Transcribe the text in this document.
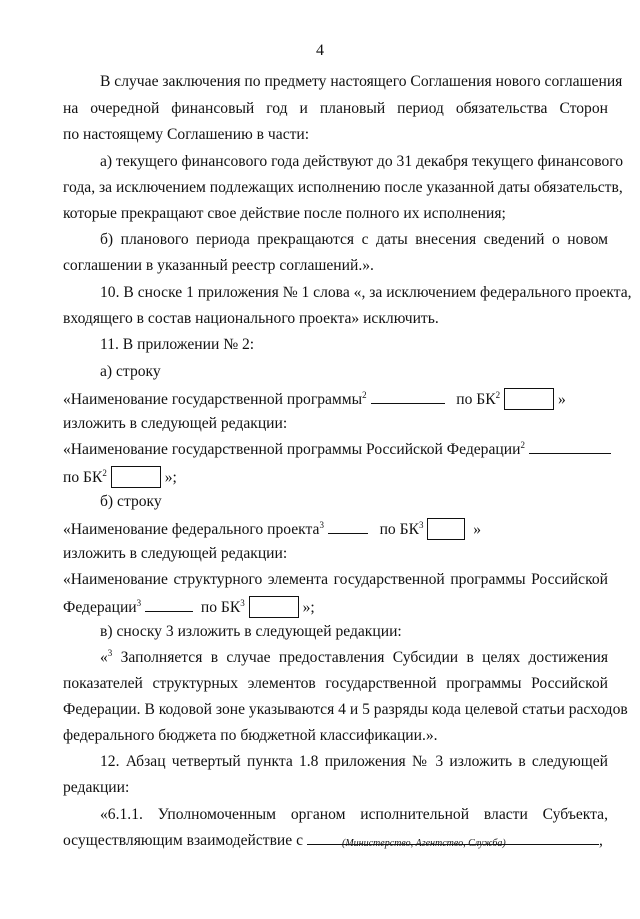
4
В случае заключения по предмету настоящего Соглашения нового соглашения
на очередной финансовый год и плановый период обязательства Сторон
по настоящему Соглашению в части:
а) текущего финансового года действуют до 31 декабря текущего финансового
года, за исключением подлежащих исполнению после указанной даты обязательств,
которые прекращают свое действие после полного их исполнения;
б) планового периода прекращаются с даты внесения сведений о новом
соглашении в указанный реестр соглашений.».
10. В сноске 1 приложения № 1 слова «, за исключением федерального проекта,
входящего в состав национального проекта» исключить.
11. В приложении № 2:
а) строку
«Наименование государственной программы$^2$	по $БК^2$	»
изложить в следующей редакции:
«Наименование государственной программы Российской Федерации$^2$
по $БК^2$	»;
б) строку
«Наименование федерального проекта$^3$	по $БК^3$	»
изложить в следующей редакции:
«Наименование структурного элемента государственной программы Российской
Федерации$^3$	по $БК^3$	»;
в) сноску 3 изложить в следующей редакции:
«$^3$ Заполняется в случае предоставления Субсидии в целях достижения
показателей структурных элементов государственной программы Российской
Федерации. В кодовой зоне указываются 4 и 5 разряды кода целевой статьи расходов
федерального бюджета по бюджетной классификации.».
12. Абзац четвертый пункта 1.8 приложения № 3 изложить в следующей
редакции:
«6.1.1. Уполномоченным органом исполнительной власти Субъекта,
осуществляющим взаимодействие с	,
(Министерство, Агентство, Служба)
